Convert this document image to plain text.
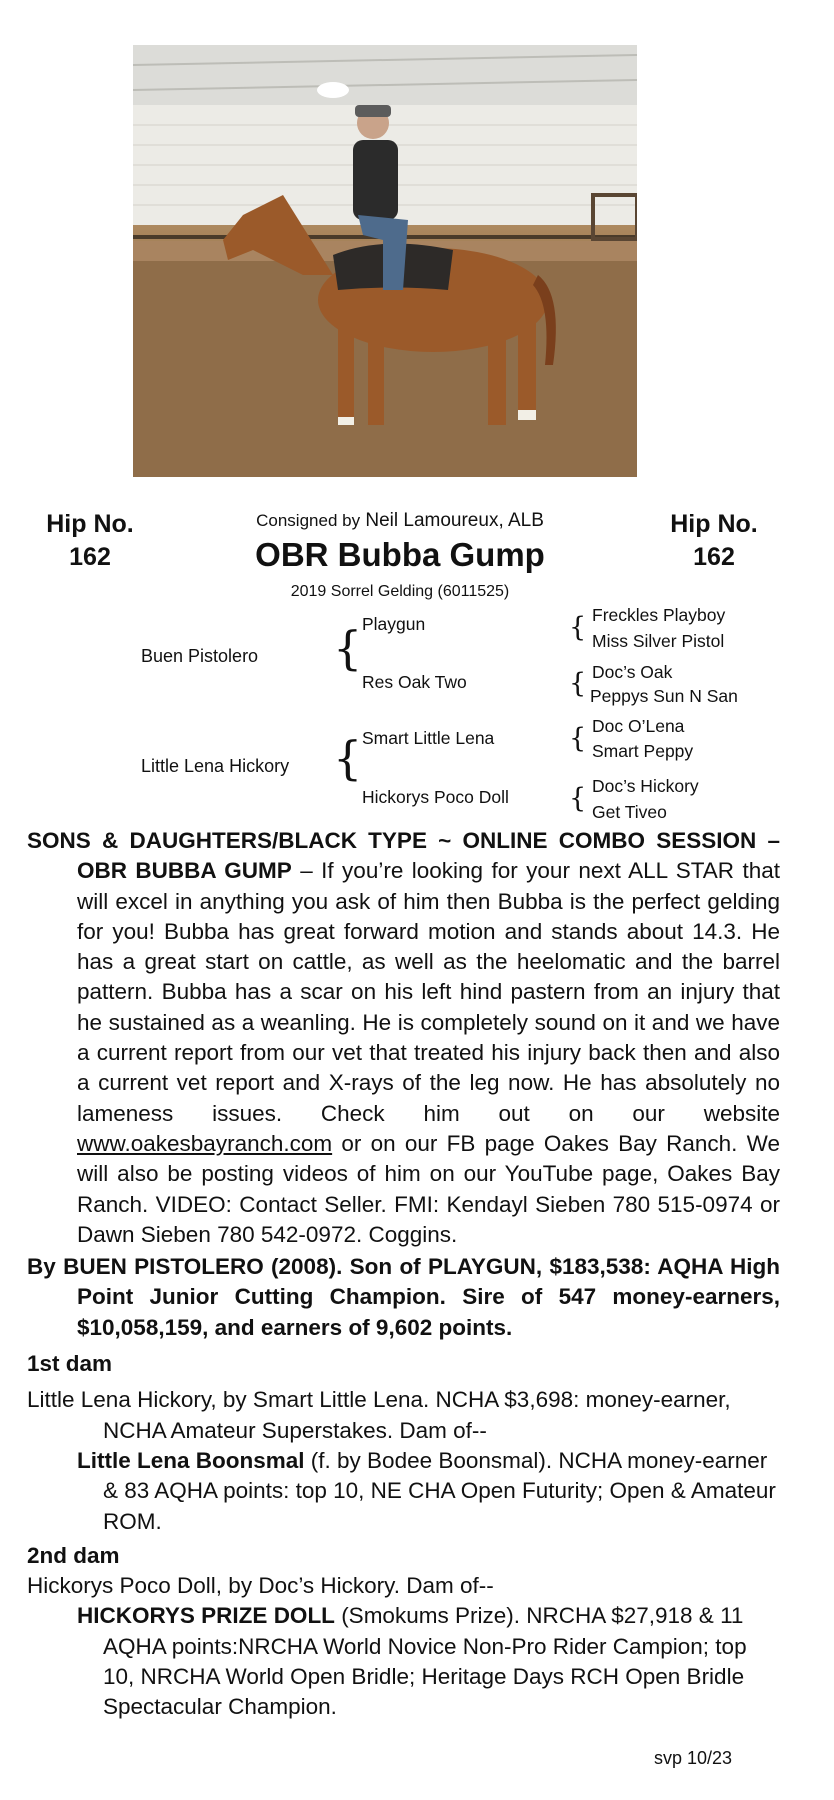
Hip No.
162
Hip No.
162
Consigned by Neil Lamoureux, ALB
OBR Bubba Gump
2019 Sorrel Gelding (6011525)
Buen Pistolero { Playgun
Res Oak Two
{ Freckles Playboy
Miss Silver Pistol
{ Doc’s Oak
Peppys Sun N San
Little Lena Hickory { Smart Little Lena
Hickorys Poco Doll
{ Doc O’Lena
Smart Peppy
{ Doc’s Hickory
Get Tiveo
SONS & DAUGHTERS/BLACK TYPE ~ ONLINE COMBO SESSION – OBR BUBBA GUMP – If you’re looking for your next ALL STAR that will excel in anything you ask of him then Bubba is the perfect gelding for you! Bubba has great forward motion and stands about 14.3. He has a great start on cattle, as well as the heelomatic and the barrel pattern. Bubba has a scar on his left hind pastern from an injury that he sustained as a weanling. He is completely sound on it and we have a current report from our vet that treated his injury back then and also a current vet report and X-rays of the leg now. He has absolutely no lameness issues. Check him out on our website www.oakesbayranch.com or on our FB page Oakes Bay Ranch. We will also be posting videos of him on our YouTube page, Oakes Bay Ranch. VIDEO: Contact Seller. FMI: Kendayl Sieben 780 515-0974 or Dawn Sieben 780 542-0972. Coggins.
By BUEN PISTOLERO (2008). Son of PLAYGUN, $183,538: AQHA High Point Junior Cutting Champion. Sire of 547 money-earners, $10,058,159, and earners of 9,602 points.
1st dam
Little Lena Hickory, by Smart Little Lena. NCHA $3,698: money-earner, NCHA Amateur Superstakes. Dam of--
Little Lena Boonsmal (f. by Bodee Boonsmal). NCHA money-earner & 83 AQHA points: top 10, NE CHA Open Futurity; Open & Amateur ROM.
2nd dam
Hickorys Poco Doll, by Doc’s Hickory. Dam of--
HICKORYS PRIZE DOLL (Smokums Prize). NRCHA $27,918 & 11 AQHA points:NRCHA World Novice Non-Pro Rider Campion; top 10, NRCHA World Open Bridle; Heritage Days RCH Open Bridle Spectacular Champion.
svp 10/23
